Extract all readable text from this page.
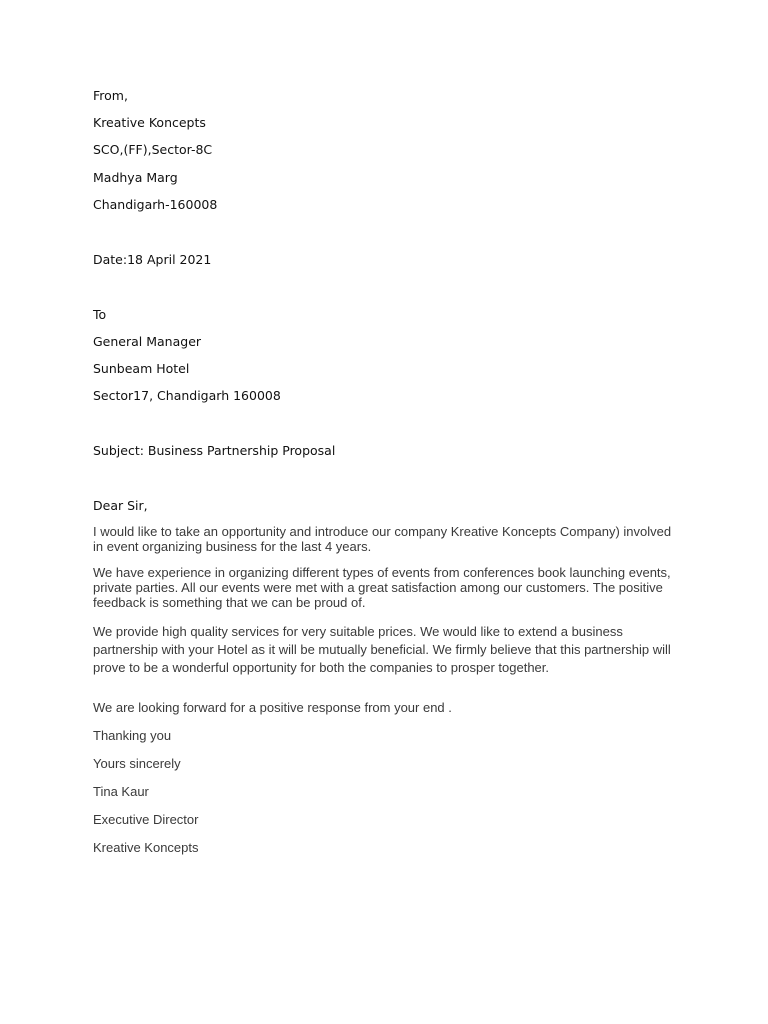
From,
Kreative Koncepts
SCO,(FF),Sector-8C
Madhya Marg
Chandigarh-160008
Date:18 April 2021
To
General Manager
Sunbeam Hotel
Sector17, Chandigarh 160008
Subject: Business Partnership Proposal
Dear Sir,
I would like to take an opportunity and introduce our company Kreative Koncepts Company) involved in event organizing business for the last 4 years.
We have experience in organizing different types of events from conferences book launching events, private parties. All our events were met with a great satisfaction among our customers. The positive feedback is something that we can be proud of.
We provide high quality services for very suitable prices. We would like to extend a business partnership with your Hotel as it will be mutually beneficial. We firmly believe that this partnership will prove to be a wonderful opportunity for both the companies to prosper together.
We are looking forward for a positive response from your end .
Thanking you
Yours sincerely
Tina Kaur
Executive Director
Kreative Koncepts
